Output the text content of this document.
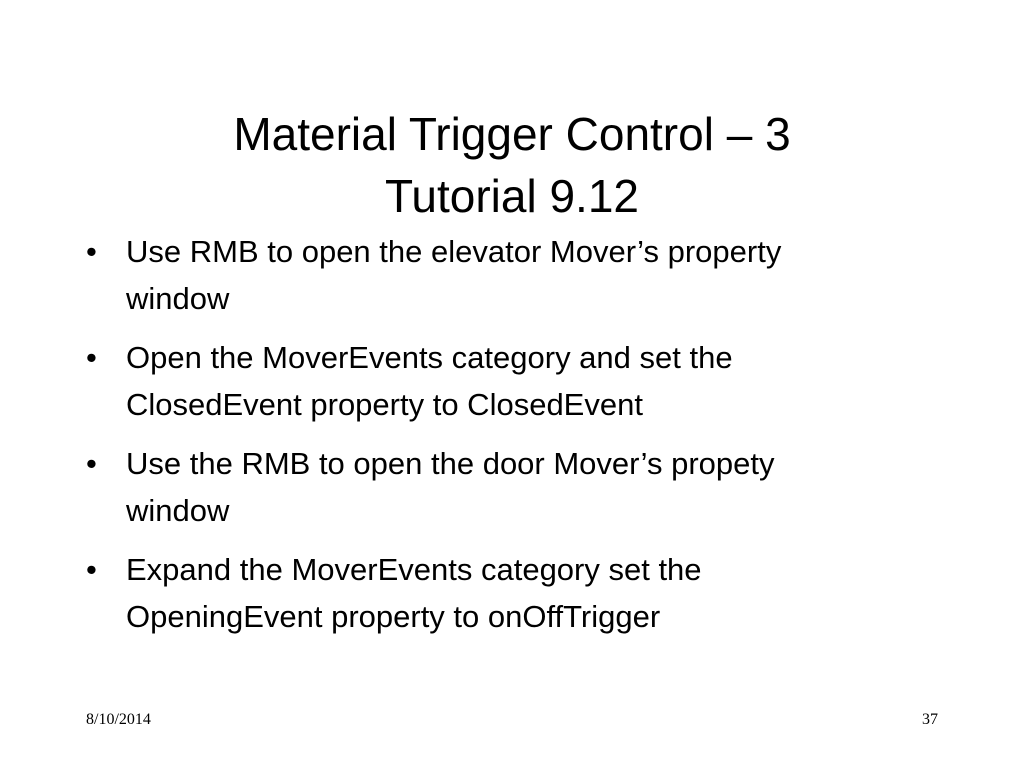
Material Trigger Control – 3
Tutorial 9.12
• Use RMB to open the elevator Mover’s property
window
• Open the MoverEvents category and set the
ClosedEvent property to ClosedEvent
• Use the RMB to open the door Mover’s propety
window
• Expand the MoverEvents category set the
OpeningEvent property to onOffTrigger
8/10/2014	37
